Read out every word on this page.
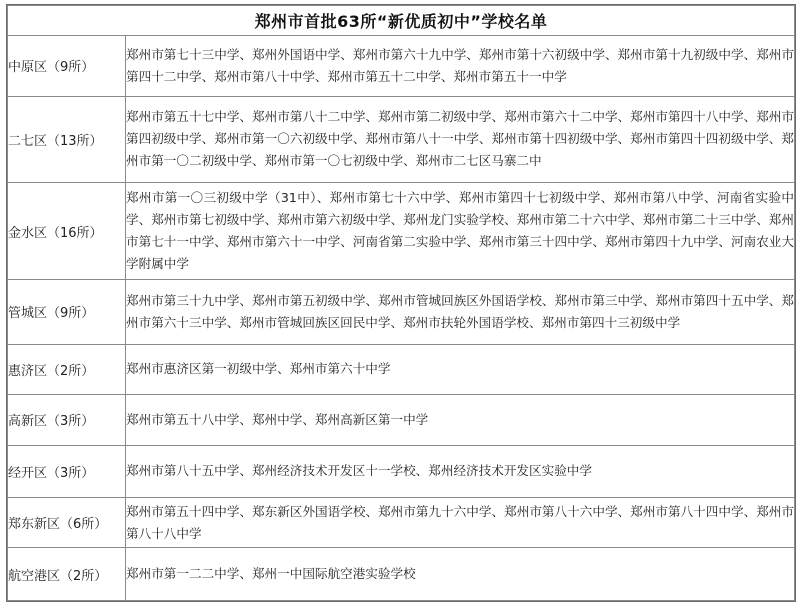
郑州市首批63所“新优质初中”学校名单	
中原区（9所）	郑州市第七十三中学、郑州外国语中学、郑州市第六十九中学、郑州市第十六初级中学、郑州市第十九初级中学、郑州市第四十二中学、郑州市第八十中学、郑州市第五十二中学、郑州市第五十一中学
二七区（13所）	郑州市第五十七中学、郑州市第八十二中学、郑州市第二初级中学、郑州市第六十二中学、郑州市第四十八中学、郑州市第四初级中学、郑州市第一〇六初级中学、郑州市第八十一中学、郑州市第十四初级中学、郑州市第四十四初级中学、郑州市第一〇二初级中学、郑州市第一〇七初级中学、郑州市二七区马寨二中
金水区（16所）	郑州市第一〇三初级中学（31中）、郑州市第七十六中学、郑州市第四十七初级中学、郑州市第八中学、河南省实验中学、郑州市第七初级中学、郑州市第六初级中学、郑州龙门实验学校、郑州市第二十六中学、郑州市第二十三中学、郑州市第七十一中学、郑州市第六十一中学、河南省第二实验中学、郑州市第三十四中学、郑州市第四十九中学、河南农业大学附属中学
管城区（9所）	郑州市第三十九中学、郑州市第五初级中学、郑州市管城回族区外国语学校、郑州市第三中学、郑州市第四十五中学、郑州市第六十三中学、郑州市管城回族区回民中学、郑州市扶轮外国语学校、郑州市第四十三初级中学
惠济区（2所）	郑州市惠济区第一初级中学、郑州市第六十中学
高新区（3所）	郑州市第五十八中学、郑州中学、郑州高新区第一中学
经开区（3所）	郑州市第八十五中学、郑州经济技术开发区十一学校、郑州经济技术开发区实验中学
郑东新区（6所）	郑州市第五十四中学、郑东新区外国语学校、郑州市第九十六中学、郑州市第八十六中学、郑州市第八十四中学、郑州市第八十八中学
航空港区（2所）	郑州市第一二二中学、郑州一中国际航空港实验学校
